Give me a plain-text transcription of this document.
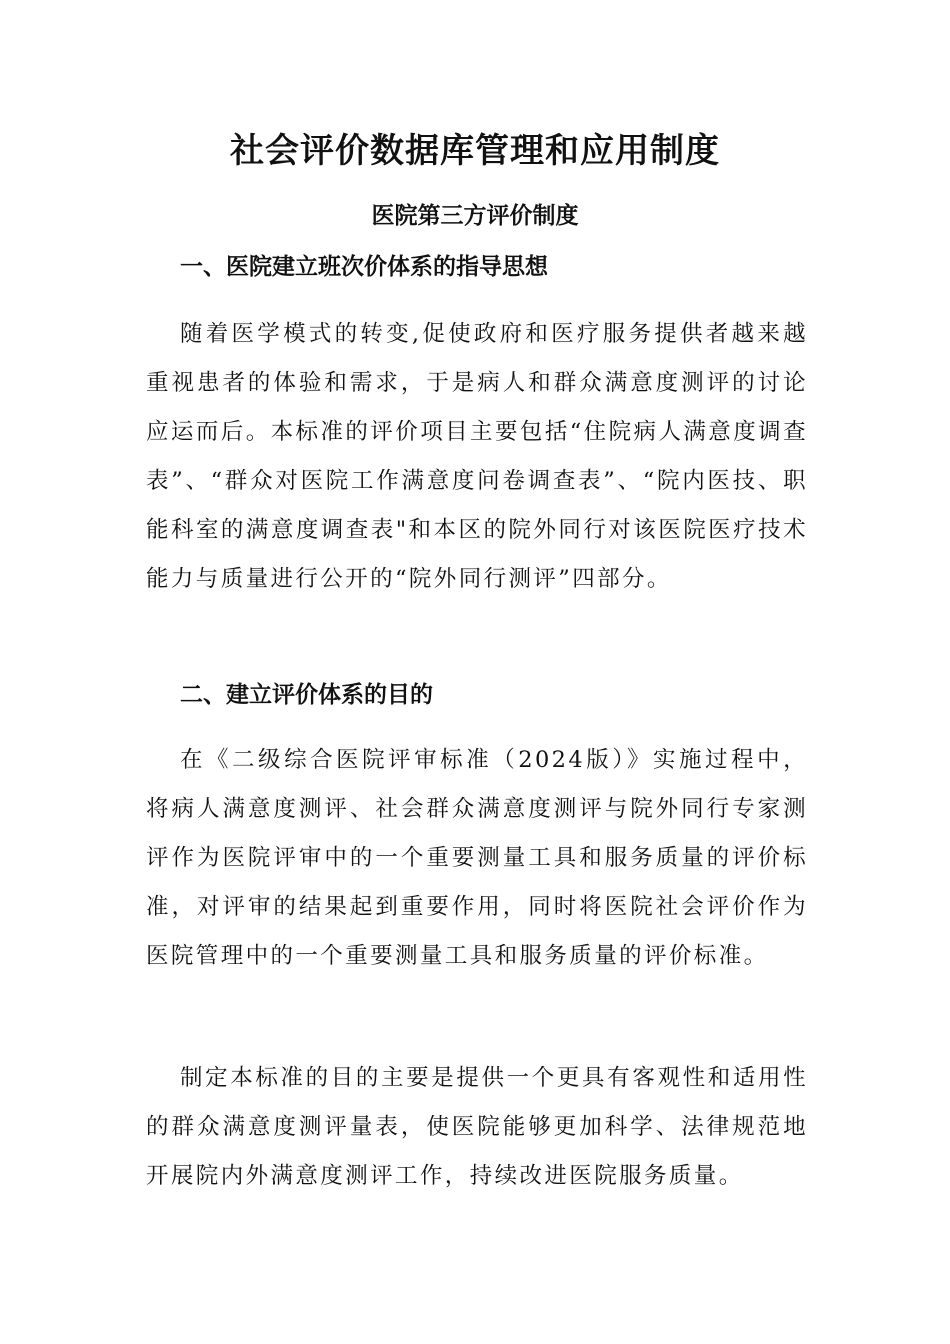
社会评价数据库管理和应用制度
医院第三方评价制度
一、医院建立班次价体系的指导思想

随着医学模式的转变,促使政府和医疗服务提供者越来越重视患者的体验和需求，于是病人和群众满意度测评的讨论应运而后。本标准的评价项目主要包括“住院病人满意度调查表”、“群众对医院工作满意度问卷调查表”、“院内医技、职能科室的满意度调查表"和本区的院外同行对该医院医疗技术能力与质量进行公开的“院外同行测评”四部分。

二、建立评价体系的目的

在《二级综合医院评审标准（2024版）》实施过程中，将病人满意度测评、社会群众满意度测评与院外同行专家测评作为医院评审中的一个重要测量工具和服务质量的评价标准，对评审的结果起到重要作用，同时将医院社会评价作为医院管理中的一个重要测量工具和服务质量的评价标准。

制定本标准的目的主要是提供一个更具有客观性和适用性的群众满意度测评量表，使医院能够更加科学、法律规范地开展院内外满意度测评工作，持续改进医院服务质量。
